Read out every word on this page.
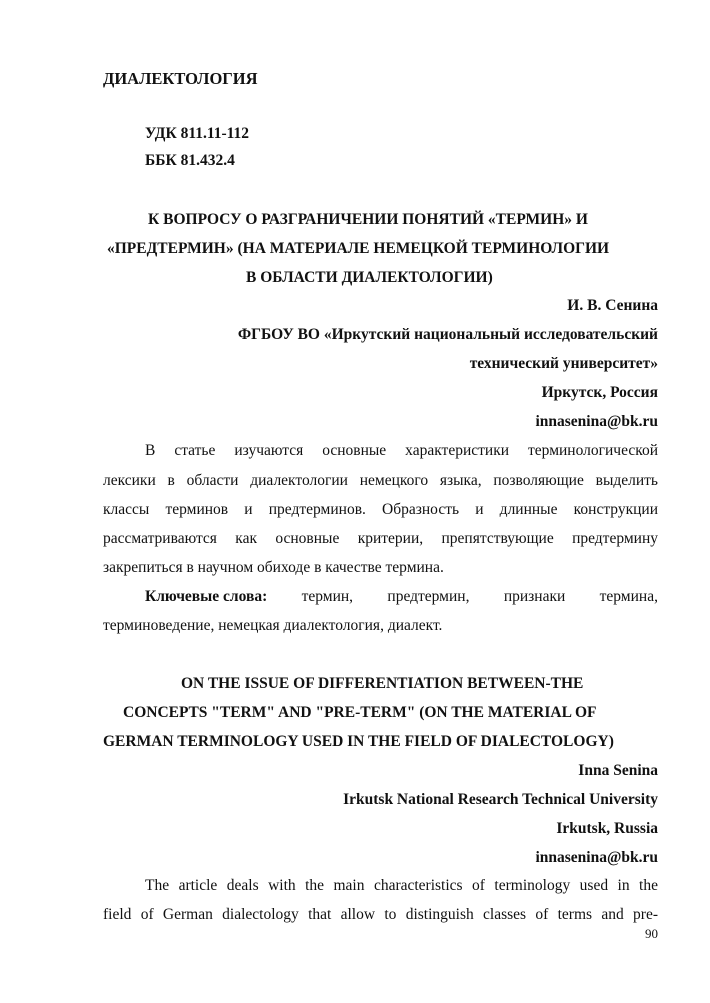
ДИАЛЕКТОЛОГИЯ
УДК 811.11-112
ББК 81.432.4
К ВОПРОСУ О РАЗГРАНИЧЕНИИ ПОНЯТИЙ «ТЕРМИН» И
«ПРЕДТЕРМИН» (НА МАТЕРИАЛЕ НЕМЕЦКОЙ ТЕРМИНОЛОГИИ
В ОБЛАСТИ ДИАЛЕКТОЛОГИИ)
И. В. Сенина
ФГБОУ ВО «Иркутский национальный исследовательский
технический университет»
Иркутск, Россия
innasenina@bk.ru
В статье изучаются основные характеристики терминологической
лексики в области диалектологии немецкого языка, позволяющие выделить
классы терминов и предтерминов. Образность и длинные конструкции
рассматриваются как основные критерии, препятствующие предтермину
закрепиться в научном обиходе в качестве термина.
Ключевые слова: термин, предтермин, признаки термина,
терминоведение, немецкая диалектология, диалект.
ON THE ISSUE OF DIFFERENTIATION BETWEEN-THE
CONCEPTS "TERM" AND "PRE-TERM" (ON THE MATERIAL OF
GERMAN TERMINOLOGY USED IN THE FIELD OF DIALECTOLOGY)
Inna Senina
Irkutsk National Research Technical University
Irkutsk, Russia
innasenina@bk.ru
The article deals with the main characteristics of terminology used in the
field of German dialectology that allow to distinguish classes of terms and pre-
90
